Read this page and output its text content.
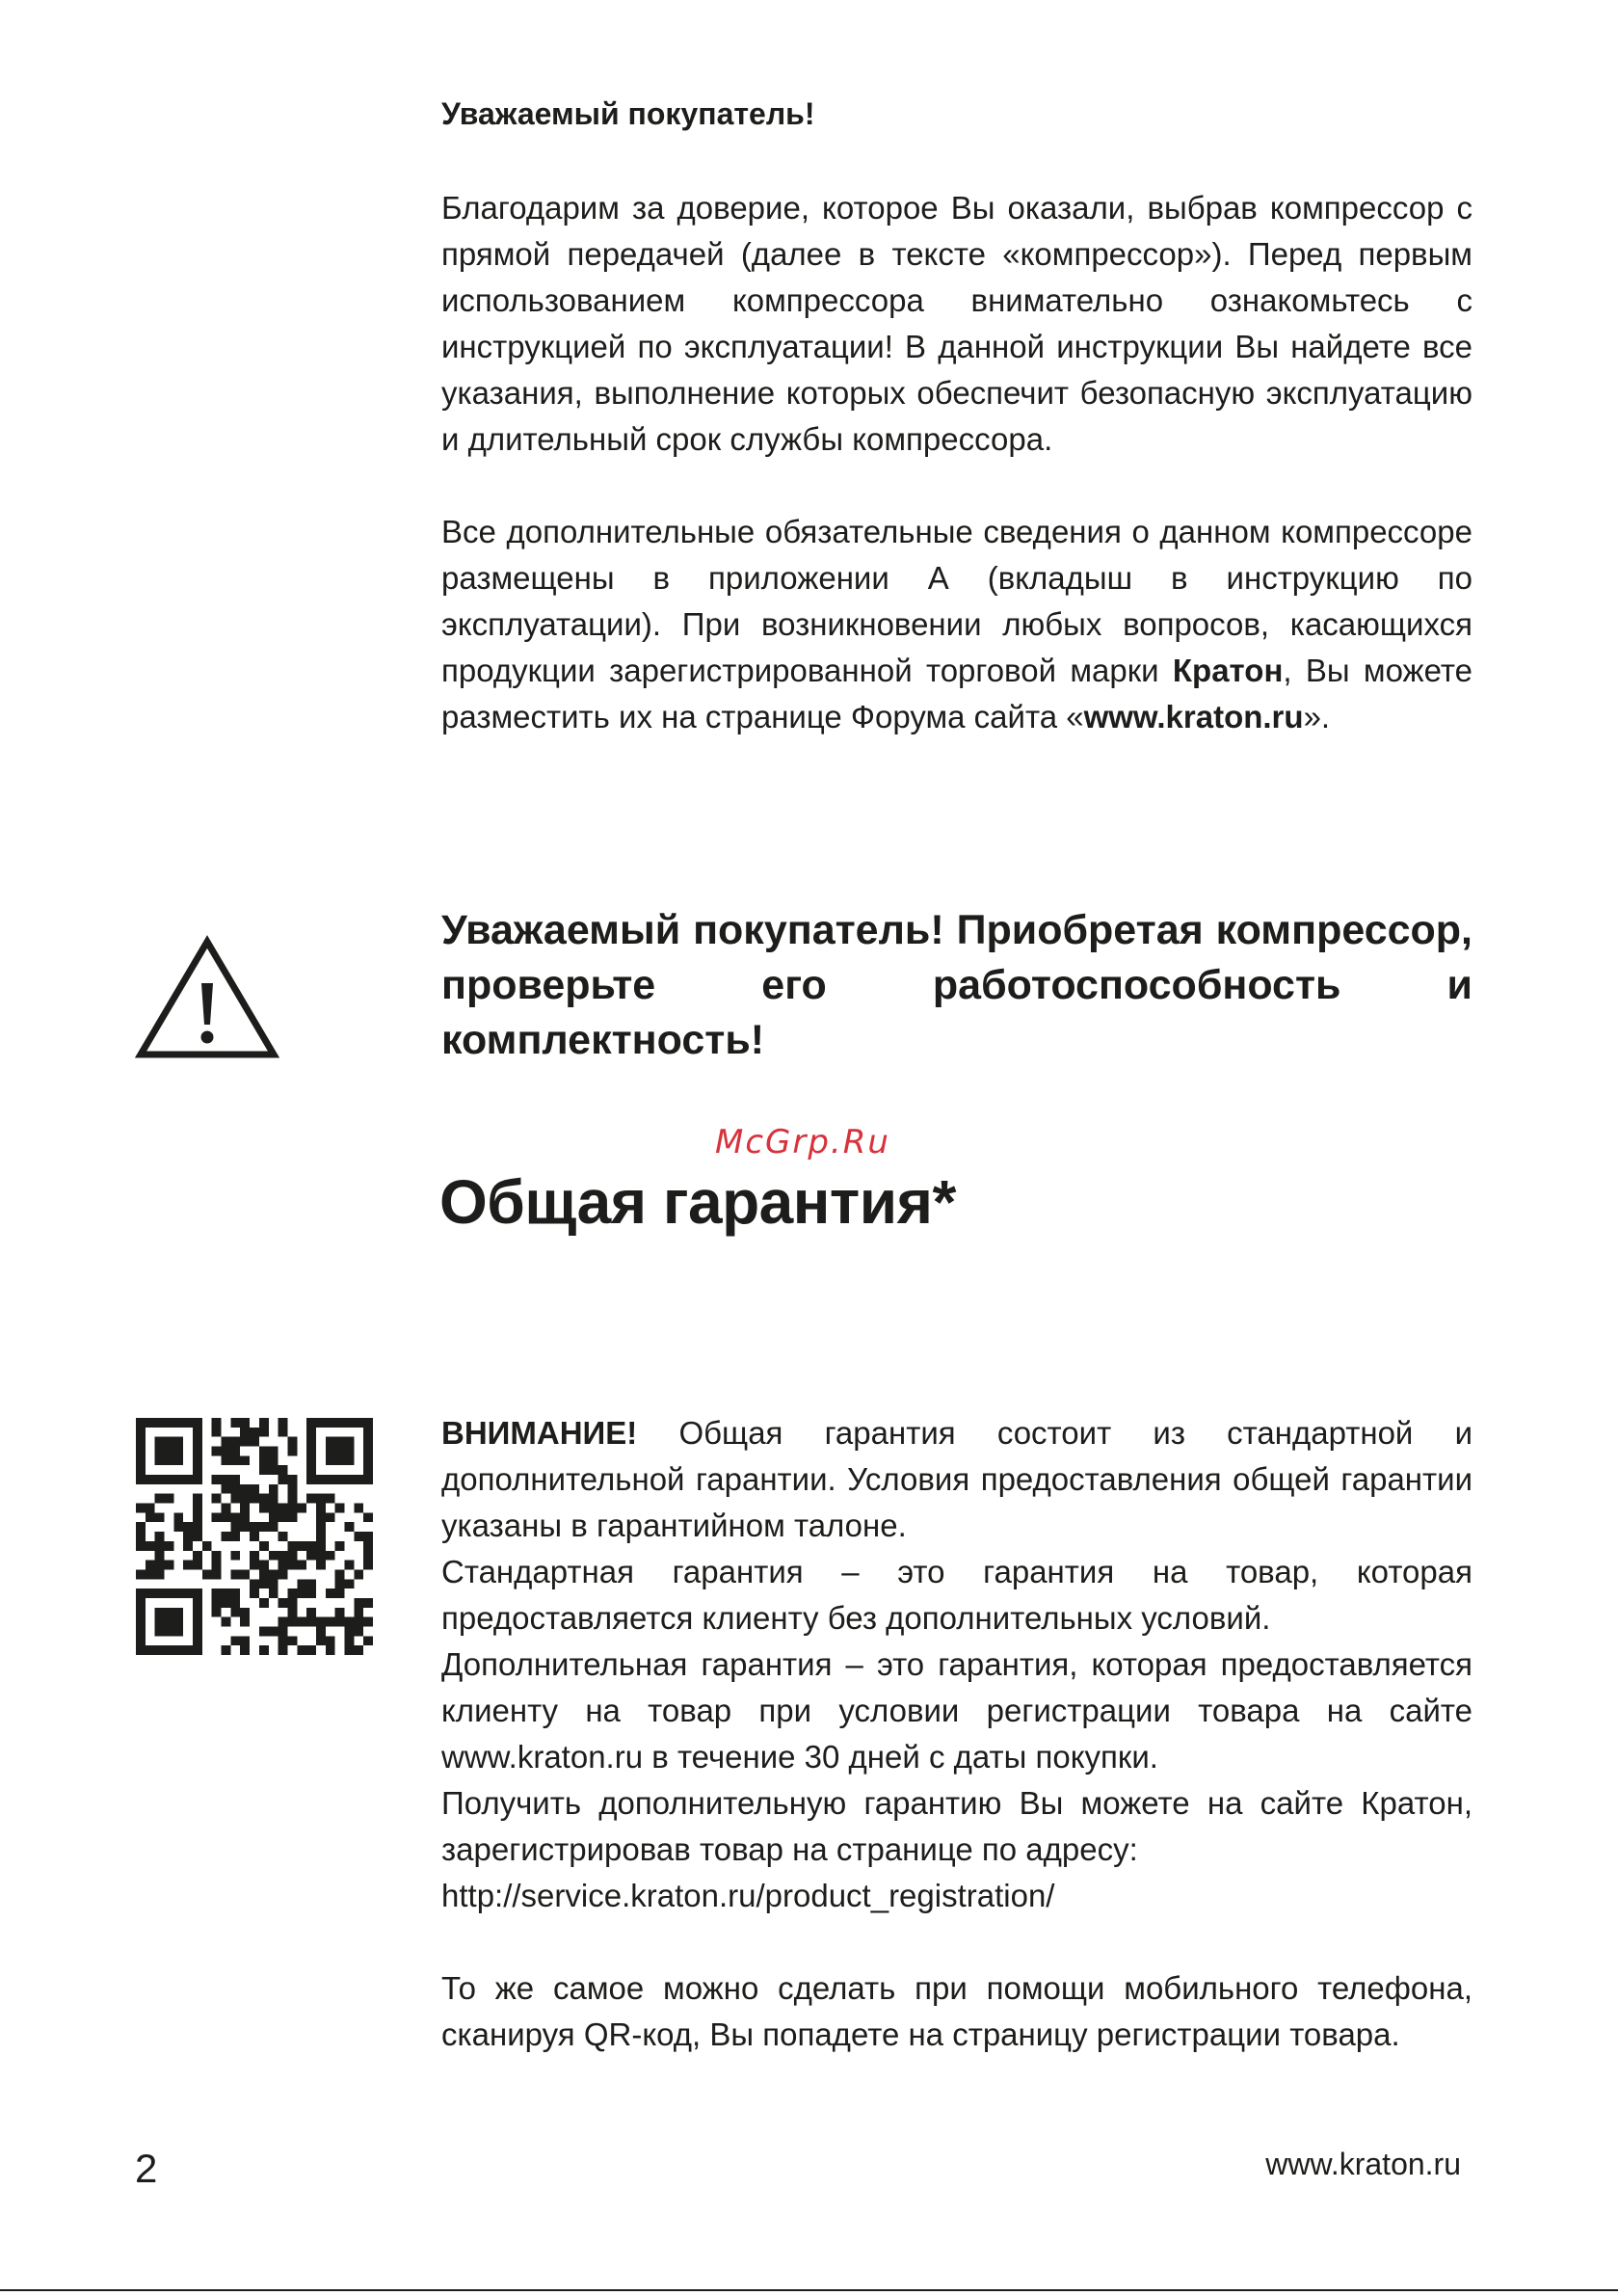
Уважаемый покупатель!

Благодарим за доверие, которое Вы оказали, выбрав компрессор с прямой передачей (далее в тексте «компрессор»). Перед первым использованием компрессора внимательно ознакомьтесь с инструкцией по эксплуатации! В данной инструкции Вы найдете все указания, выполнение которых обеспечит безопасную эксплуатацию и длительный срок службы компрессора.

Все дополнительные обязательные сведения о данном компрессоре размещены в приложении А (вкладыш в инструкцию по эксплуатации). При возникновении любых вопросов, касающихся продукции зарегистрированной торговой марки Кратон, Вы можете разместить их на странице Форума сайта «www.kraton.ru».

Уважаемый покупатель! Приобретая компрессор, проверьте его работоспособность и комплектность!

McGrp.Ru
Общая гарантия*
ВНИМАНИЕ! Общая гарантия состоит из стандартной и дополнительной гарантии. Условия предоставления общей гарантии указаны в гарантийном талоне.
Стандартная гарантия – это гарантия на товар, которая предоставляется клиенту без дополнительных условий.
Дополнительная гарантия – это гарантия, которая предоставляется клиенту на товар при условии регистрации товара на сайте www.kraton.ru в течение 30 дней с даты покупки.
Получить дополнительную гарантию Вы можете на сайте Кратон, зарегистрировав товар на странице по адресу:
http://service.kraton.ru/product_registration/

То же самое можно сделать при помощи мобильного телефона, сканируя QR-код, Вы попадете на страницу регистрации товара.

2	www.kraton.ru
